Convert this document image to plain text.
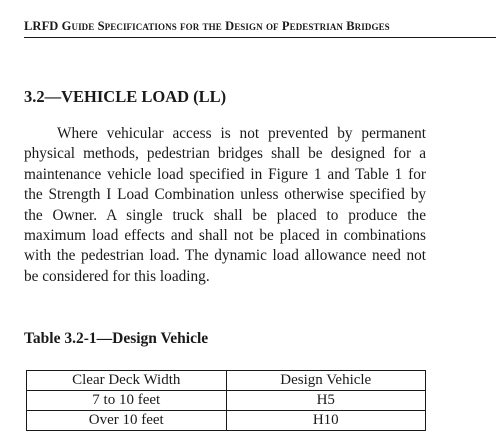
LRFD Guide Specifications for the Design of Pedestrian Bridges
3.2—VEHICLE LOAD (LL)

Where vehicular access is not prevented by permanent physical methods, pedestrian bridges shall be designed for a maintenance vehicle load specified in Figure 1 and Table 1 for the Strength I Load Combination unless otherwise specified by the Owner. A single truck shall be placed to produce the maximum load effects and shall not be placed in combinations with the pedestrian load. The dynamic load allowance need not be considered for this loading.

Table 3.2-1—Design Vehicle
Clear Deck Width	Design Vehicle
7 to 10 feet	H5
Over 10 feet	H10
